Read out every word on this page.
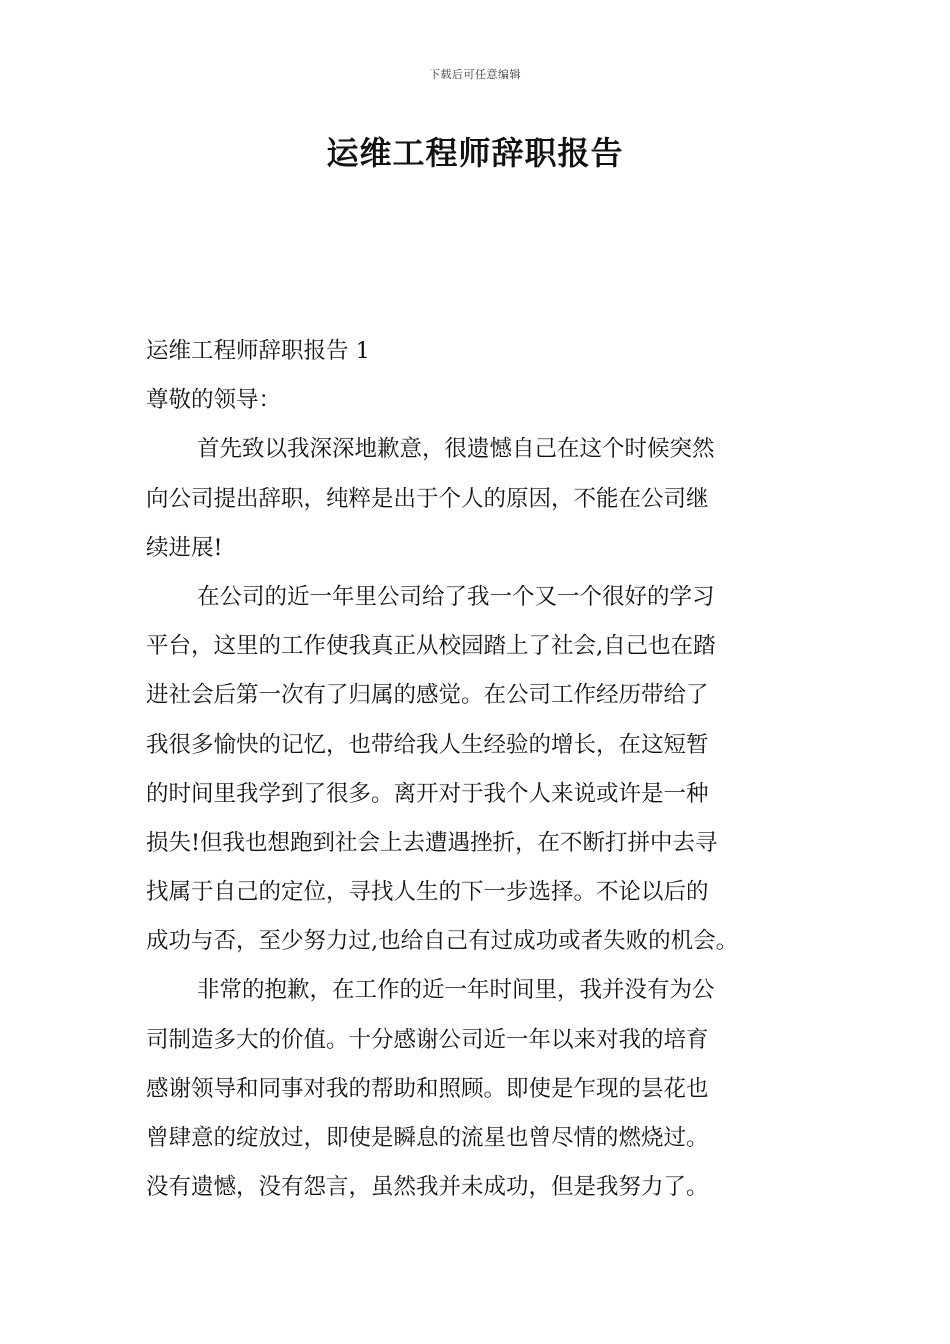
下载后可任意编辑
运维工程师辞职报告
运维工程师辞职报告 1
尊敬的领导：
首先致以我深深地歉意，很遗憾自己在这个时候突然
向公司提出辞职，纯粹是出于个人的原因，不能在公司继
续进展!
在公司的近一年里公司给了我一个又一个很好的学习
平台，这里的工作使我真正从校园踏上了社会,自己也在踏
进社会后第一次有了归属的感觉。在公司工作经历带给了
我很多愉快的记忆，也带给我人生经验的增长，在这短暂
的时间里我学到了很多。离开对于我个人来说或许是一种
损失!但我也想跑到社会上去遭遇挫折，在不断打拼中去寻
找属于自己的定位，寻找人生的下一步选择。不论以后的
成功与否，至少努力过,也给自己有过成功或者失败的机会。
非常的抱歉，在工作的近一年时间里，我并没有为公
司制造多大的价值。十分感谢公司近一年以来对我的培育
感谢领导和同事对我的帮助和照顾。即使是乍现的昙花也
曾肆意的绽放过，即使是瞬息的流星也曾尽情的燃烧过。
没有遗憾，没有怨言，虽然我并未成功，但是我努力了。
